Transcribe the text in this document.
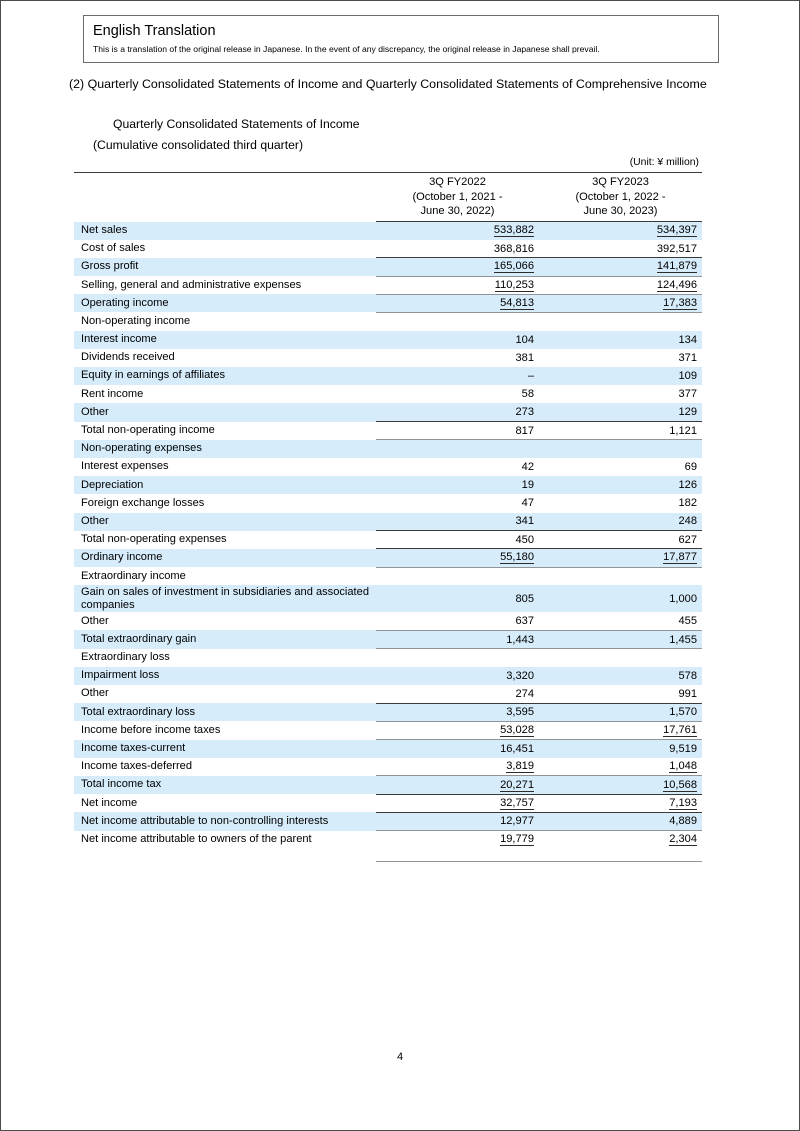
English Translation
This is a translation of the original release in Japanese. In the event of any discrepancy, the original release in Japanese shall prevail.
(2) Quarterly Consolidated Statements of Income and Quarterly Consolidated Statements of Comprehensive Income
Quarterly Consolidated Statements of Income
(Cumulative consolidated third quarter)
(Unit: ¥ million)

3Q FY2022
(October 1, 2021 -
June 30, 2022)

3Q FY2023
(October 1, 2022 -
June 30, 2023)

Net sales	533,882	534,397
Cost of sales	368,816	392,517
Gross profit	165,066	141,879
Selling, general and administrative expenses	110,253	124,496
Operating income	54,813	17,383
Non-operating income		
Interest income	104	134
Dividends received	381	371
Equity in earnings of affiliates	–	109
Rent income	58	377
Other	273	129
Total non-operating income	817	1,121
Non-operating expenses		
Interest expenses	42	69
Depreciation	19	126
Foreign exchange losses	47	182
Other	341	248
Total non-operating expenses	450	627
Ordinary income	55,180	17,877
Extraordinary income		
Gain on sales of investment in subsidiaries and associated companies	805	1,000
Other	637	455
Total extraordinary gain	1,443	1,455
Extraordinary loss		
Impairment loss	3,320	578
Other	274	991
Total extraordinary loss	3,595	1,570
Income before income taxes	53,028	17,761
Income taxes-current	16,451	9,519
Income taxes-deferred	3,819	1,048
Total income tax	20,271	10,568
Net income	32,757	7,193
Net income attributable to non-controlling interests	12,977	4,889
Net income attributable to owners of the parent	19,779	2,304
4
